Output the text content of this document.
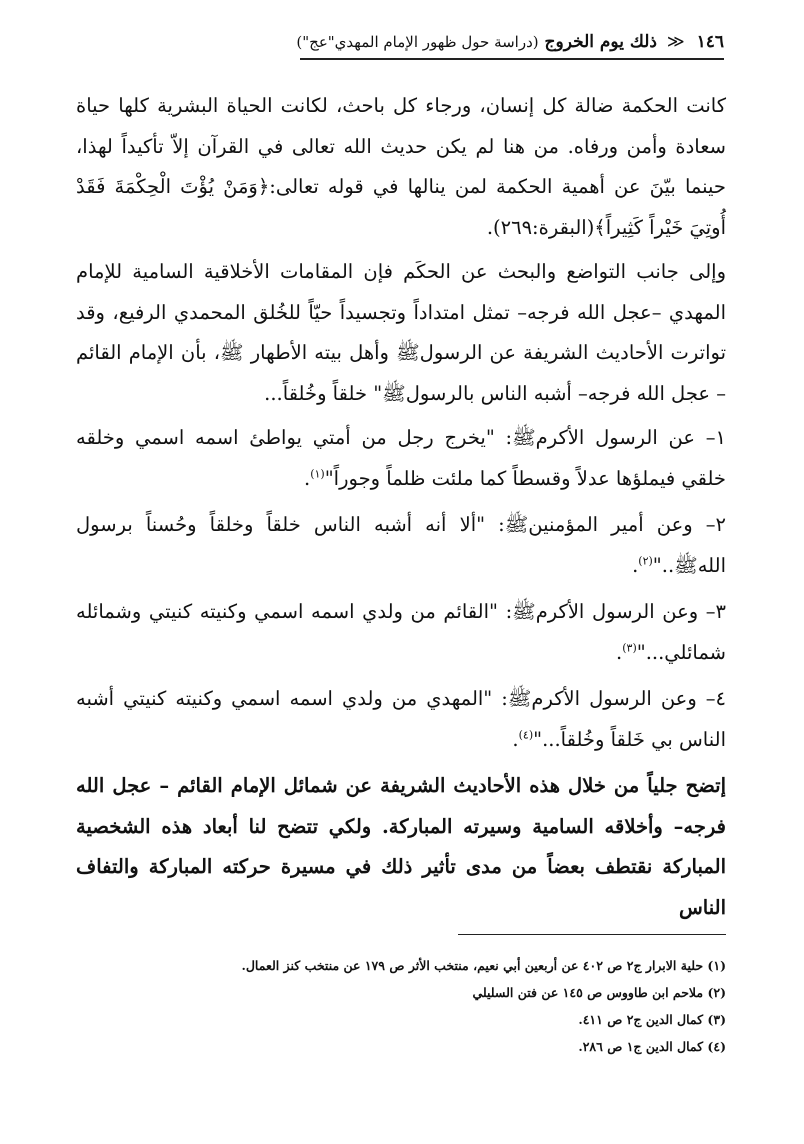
١٤٦ ≪ ذلك يوم الخروج (دراسة حول ظهور الإمام المهدي"عج")

كانت الحكمة ضالة كل إنسان، ورجاء كل باحث، لكانت الحياة البشرية كلها حياة سعادة وأمن ورفاه. من هنا لم يكن حديث الله تعالى في القرآن إلاّ تأكيداً لهذا، حينما بيّنَ عن أهمية الحكمة لمن ينالها في قوله تعالى:﴿وَمَنْ يُؤْتَ الْحِكْمَةَ فَقَدْ أُوتِيَ خَيْراً كَثِيراً﴾(البقرة:٢٦٩).

وإلى جانب التواضع والبحث عن الحكَم فإن المقامات الأخلاقية السامية للإمام المهدي –عجل الله فرجه– تمثل امتداداً وتجسيداً حيّاً للخُلق المحمدي الرفيع، وقد تواترت الأحاديث الشريفة عن الرسولﷺ وأهل بيته الأطهار ﷺ، بأن الإمام القائم – عجل الله فرجه– أشبه الناس بالرسولﷺ" خلقاً وخُلقاً...

١– عن الرسول الأكرمﷺ: "يخرج رجل من أمتي يواطئ اسمه اسمي وخلقه خلقي فيملؤها عدلاً وقسطاً كما ملئت ظلماً وجوراً"$^{(١)}$.

٢– وعن أمير المؤمنينﷺ: "ألا أنه أشبه الناس خلقاً وخلقاً وحُسناً برسول اللهﷺ.."$^{(٢)}$.

٣– وعن الرسول الأكرمﷺ: "القائم من ولدي اسمه اسمي وكنيته كنيتي وشمائله شمائلي..."$^{(٣)}$.

٤– وعن الرسول الأكرمﷺ: "المهدي من ولدي اسمه اسمي وكنيته كنيتي أشبه الناس بي خَلقاً وخُلقاً..."$^{(٤)}$.

إتضح جلياً من خلال هذه الأحاديث الشريفة عن شمائل الإمام القائم – عجل الله فرجه– وأخلاقه السامية وسيرته المباركة. ولكي تتضح لنا أبعاد هذه الشخصية المباركة نقتطف بعضاً من مدى تأثير ذلك في مسيرة حركته المباركة والتفاف الناس

(١) حلية الابرار ج٢ ص ٤٠٢ عن أربعين أبي نعيم، منتخب الأثر ص ١٧٩ عن منتخب كنز العمال.
(٢) ملاحم ابن طاووس ص ١٤٥ عن فتن السليلي
(٣) كمال الدين ج٢ ص ٤١١.
(٤) كمال الدين ج١ ص ٢٨٦.
